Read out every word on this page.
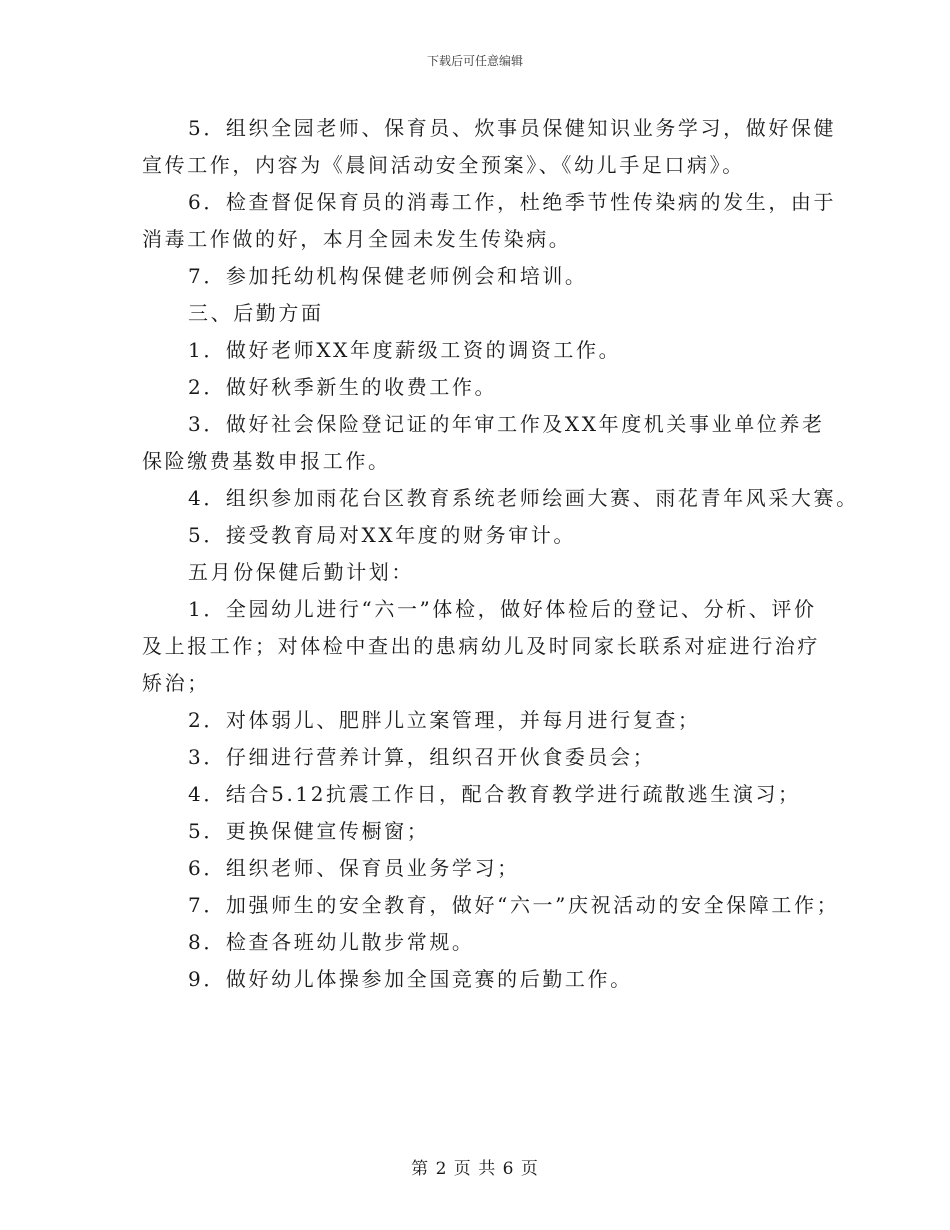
下载后可任意编辑

5．组织全园老师、保育员、炊事员保健知识业务学习，做好保健

宣传工作，内容为《晨间活动安全预案》、《幼儿手足口病》。

6．检查督促保育员的消毒工作，杜绝季节性传染病的发生，由于

消毒工作做的好，本月全园未发生传染病。

7．参加托幼机构保健老师例会和培训。

三、后勤方面

1．做好老师XX年度薪级工资的调资工作。

2．做好秋季新生的收费工作。

3．做好社会保险登记证的年审工作及XX年度机关事业单位养老

保险缴费基数申报工作。

4．组织参加雨花台区教育系统老师绘画大赛、雨花青年风采大赛。

5．接受教育局对XX年度的财务审计。

五月份保健后勤计划：

1．全园幼儿进行“六一”体检，做好体检后的登记、分析、评价

及上报工作；对体检中查出的患病幼儿及时同家长联系对症进行治疗

矫治；

2．对体弱儿、肥胖儿立案管理，并每月进行复查；

3．仔细进行营养计算，组织召开伙食委员会；

4．结合5.12抗震工作日，配合教育教学进行疏散逃生演习；

5．更换保健宣传橱窗；

6．组织老师、保育员业务学习；

7．加强师生的安全教育，做好“六一”庆祝活动的安全保障工作；

8．检查各班幼儿散步常规。

9．做好幼儿体操参加全国竞赛的后勤工作。

第 2 页 共 6 页
